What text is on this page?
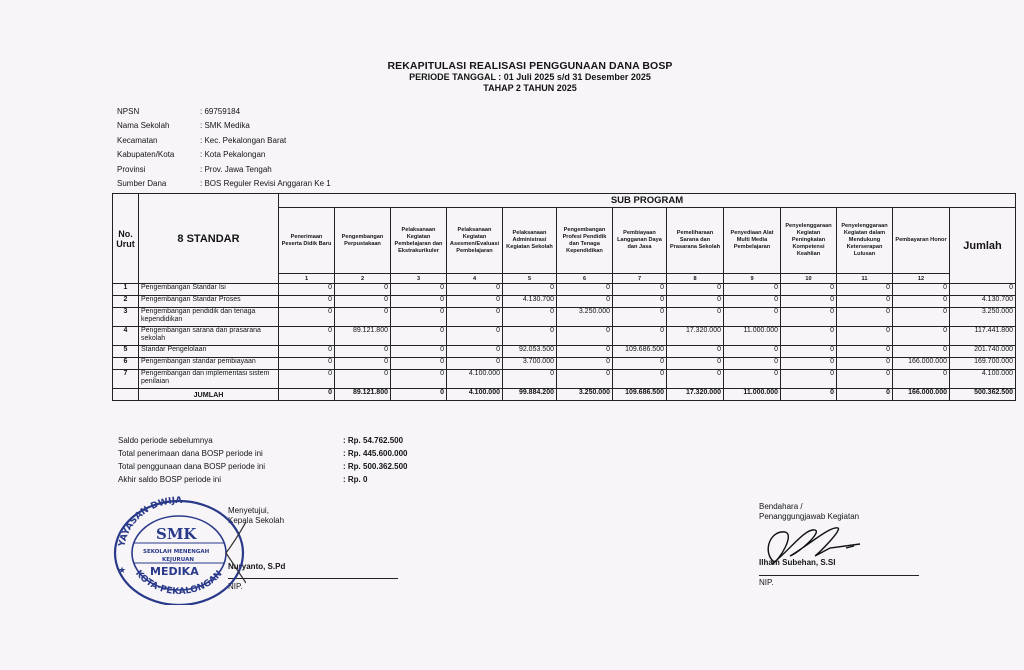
REKAPITULASI REALISASI PENGGUNAAN DANA BOSP
PERIODE TANGGAL : 01 Juli 2025 s/d 31 Desember 2025
TAHAP 2 TAHUN 2025
NPSN	: 69759184
Nama Sekolah	: SMK Medika
Kecamatan	: Kec. Pekalongan Barat
Kabupaten/Kota	: Kota Pekalongan
Provinsi	: Prov. Jawa Tengah
Sumber Dana	: BOS Reguler Revisi Anggaran Ke 1
No. Urut	8 STANDAR	SUB PROGRAM												
		Penerimaan Peserta Didik Baru	Pengembangan Perpustakaan	Pelaksanaan Kegiatan Pembelajaran dan Ekstrakurikuler	Pelaksanaan Kegiatan Asesmen/Evaluasi Pembelajaran	Pelaksanaan Administrasi Kegiatan Sekolah	Pengembangan Profesi Pendidik dan Tenaga Kependidikan	Pembiayaan Langganan Daya dan Jasa	Pemeliharaan Sarana dan Prasarana Sekolah	Penyediaan Alat Multi Media Pembelajaran	Penyelenggaraan Kegiatan Peningkatan Kompetensi Keahlian	Penyelenggaraan Kegiatan dalam Mendukung Keterserapan Lulusan	Pembayaran Honor	Jumlah
		1	2	3	4	5	6	7	8	9	10	11	12	
1	Pengembangan Standar Isi	0	0	0	0	0	0	0	0	0	0	0	0	0
2	Pengembangan Standar Proses	0	0	0	0	4.130.700	0	0	0	0	0	0	0	4.130.700
3	Pengembangan pendidik dan tenaga kependidikan	0	0	0	0	0	3.250.000	0	0	0	0	0	0	3.250.000
4	Pengembangan sarana dan prasarana sekolah	0	89.121.800	0	0	0	0	0	17.320.000	11.000.000	0	0	0	117.441.800
5	Standar Pengelolaan	0	0	0	0	92.053.500	0	109.686.500	0	0	0	0	0	201.740.000
6	Pengembangan standar pembiayaan	0	0	0	0	3.700.000	0	0	0	0	0	0	166.000.000	169.700.000
7	Pengembangan dan implementasi sistem penilaian	0	0	0	4.100.000	0	0	0	0	0	0	0	0	4.100.000
	JUMLAH	0	89.121.800	0	4.100.000	99.884.200	3.250.000	109.686.500	17.320.000	11.000.000	0	0	166.000.000	500.362.500
Saldo periode sebelumnya	: Rp. 54.762.500
Total penerimaan dana BOSP periode ini	: Rp. 445.600.000
Total penggunaan dana BOSP periode ini	: Rp. 500.362.500
Akhir saldo BOSP periode ini	: Rp. 0
Menyetujui,
Kepala Sekolah
Nuryanto, S.Pd
NIP.
YAYASAN DWIJA
KOTA·PEKALONGAN
SMK
SEKOLAH MENENGAH
KEJURUAN
MEDIKA
★
Bendahara /
Penanggungjawab Kegiatan
Ilham Subehan, S.SI
NIP.
